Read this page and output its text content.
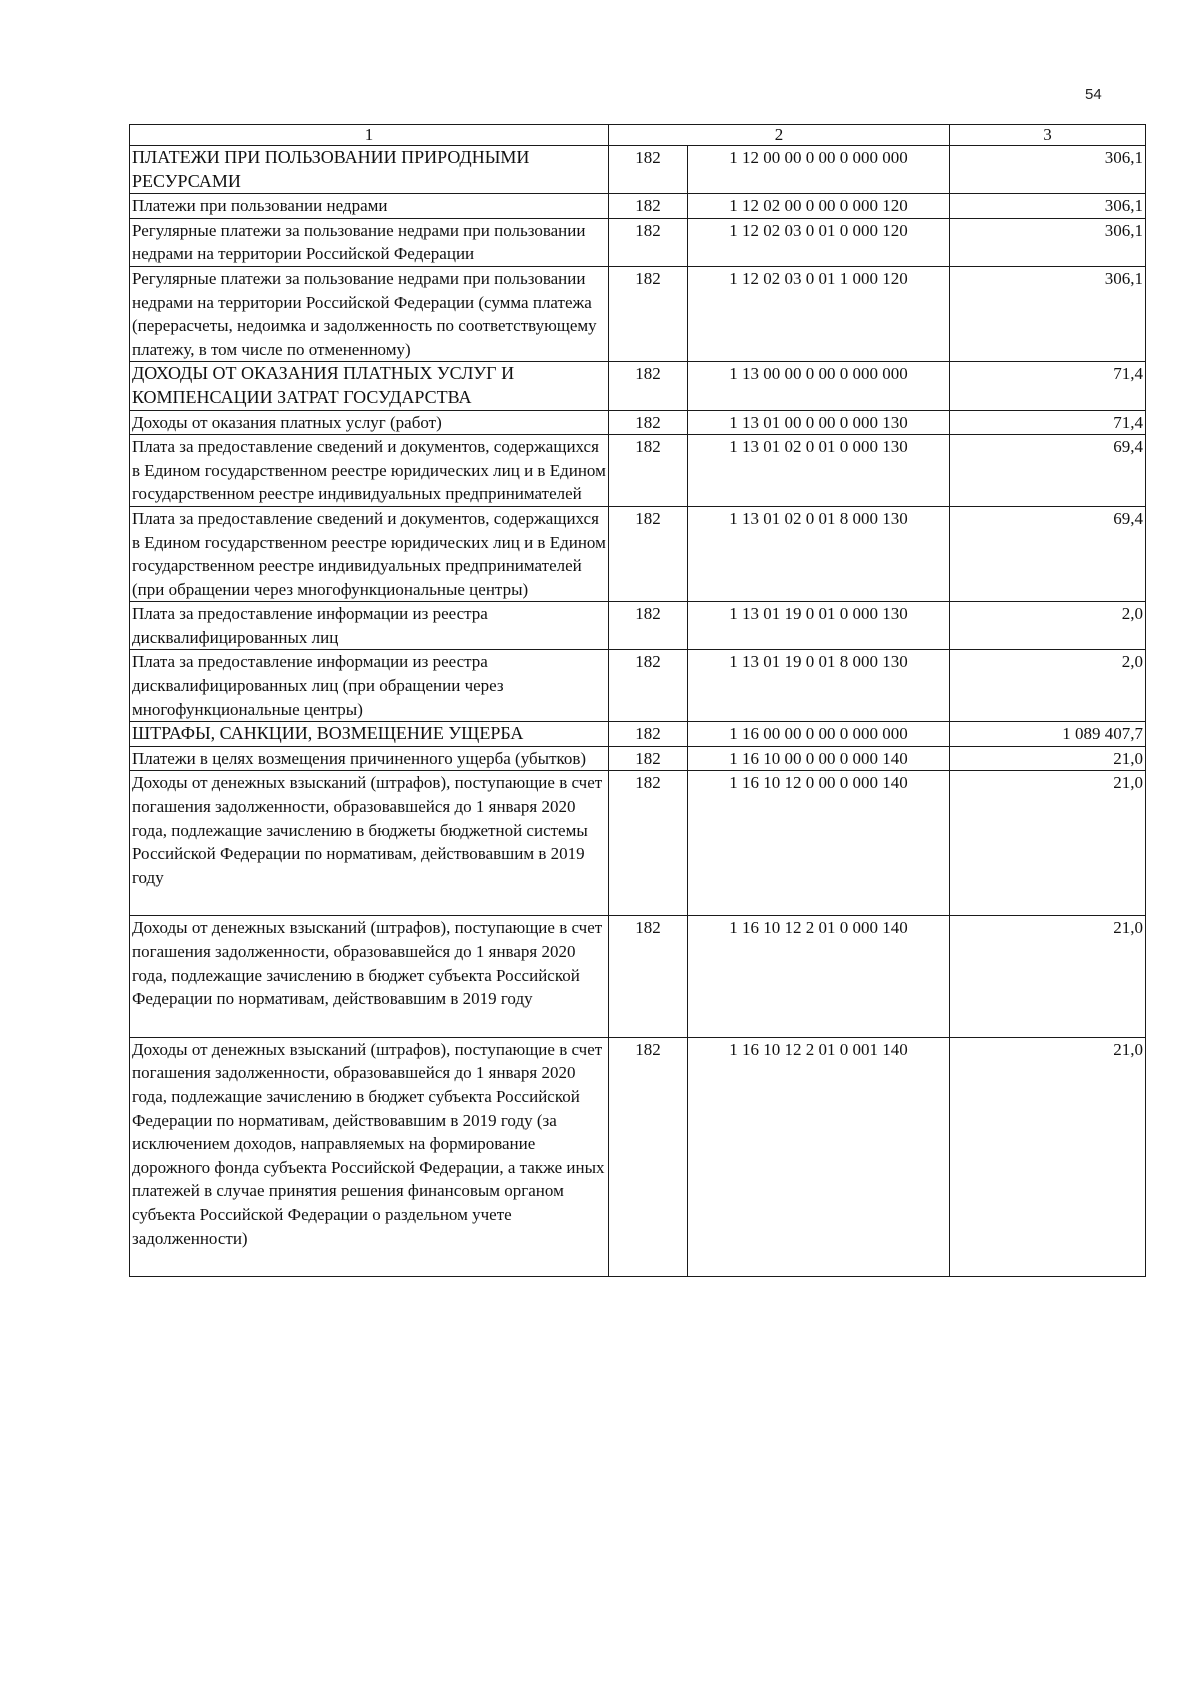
54
1	2		3
ПЛАТЕЖИ ПРИ ПОЛЬЗОВАНИИ ПРИРОДНЫМИ РЕСУРСАМИ	182	1 12 00 00 0 00 0 000 000	306,1
Платежи при пользовании недрами	182	1 12 02 00 0 00 0 000 120	306,1
Регулярные платежи за пользование недрами при пользовании недрами на территории Российской Федерации	182	1 12 02 03 0 01 0 000 120	306,1
Регулярные платежи за пользование недрами при пользовании недрами на территории Российской Федерации (сумма платежа (перерасчеты, недоимка и задолженность по соответствующему платежу, в том числе по отмененному)	182	1 12 02 03 0 01 1 000 120	306,1
ДОХОДЫ ОТ ОКАЗАНИЯ ПЛАТНЫХ УСЛУГ И КОМПЕНСАЦИИ ЗАТРАТ ГОСУДАРСТВА	182	1 13 00 00 0 00 0 000 000	71,4
Доходы от оказания платных услуг (работ)	182	1 13 01 00 0 00 0 000 130	71,4
Плата за предоставление сведений и документов, содержащихся в Едином государственном реестре юридических лиц и в Едином государственном реестре индивидуальных предпринимателей	182	1 13 01 02 0 01 0 000 130	69,4
Плата за предоставление сведений и документов, содержащихся в Едином государственном реестре юридических лиц и в Едином государственном реестре индивидуальных предпринимателей (при обращении через многофункциональные центры)	182	1 13 01 02 0 01 8 000 130	69,4
Плата за предоставление информации из реестра дисквалифицированных лиц	182	1 13 01 19 0 01 0 000 130	2,0
Плата за предоставление информации из реестра дисквалифицированных лиц (при обращении через многофункциональные центры)	182	1 13 01 19 0 01 8 000 130	2,0
ШТРАФЫ, САНКЦИИ, ВОЗМЕЩЕНИЕ УЩЕРБА	182	1 16 00 00 0 00 0 000 000	1 089 407,7
Платежи в целях возмещения причиненного ущерба (убытков)	182	1 16 10 00 0 00 0 000 140	21,0
Доходы от денежных взысканий (штрафов), поступающие в счет погашения задолженности, образовавшейся до 1 января 2020 года, подлежащие зачислению в бюджеты бюджетной системы Российской Федерации по нормативам, действовавшим в 2019 году	182	1 16 10 12 0 00 0 000 140	21,0
Доходы от денежных взысканий (штрафов), поступающие в счет погашения задолженности, образовавшейся до 1 января 2020 года, подлежащие зачислению в бюджет субъекта Российской Федерации по нормативам, действовавшим в 2019 году	182	1 16 10 12 2 01 0 000 140	21,0
Доходы от денежных взысканий (штрафов), поступающие в счет погашения задолженности, образовавшейся до 1 января 2020 года, подлежащие зачислению в бюджет субъекта Российской Федерации по нормативам, действовавшим в 2019 году (за исключением доходов, направляемых на формирование дорожного фонда субъекта Российской Федерации, а также иных платежей в случае принятия решения финансовым органом субъекта Российской Федерации о раздельном учете задолженности)	182	1 16 10 12 2 01 0 001 140	21,0
